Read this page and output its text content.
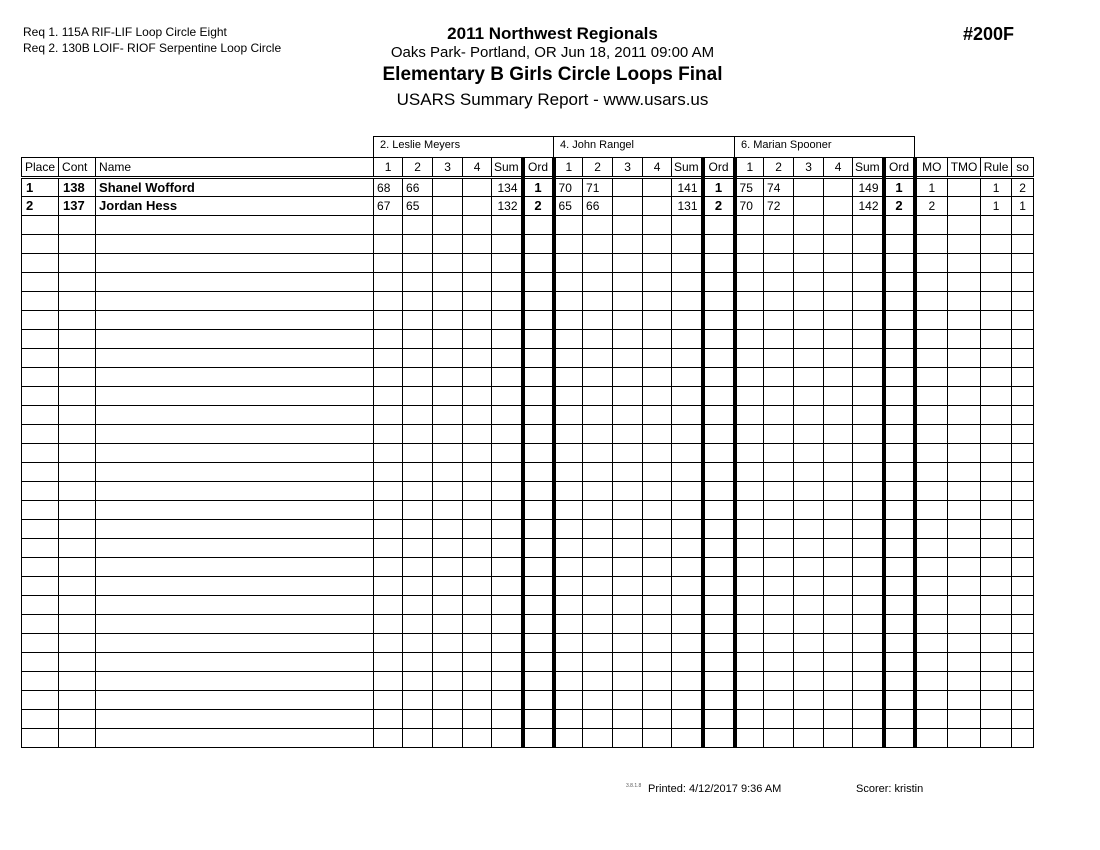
Req 1. 115A RIF-LIF Loop Circle Eight
Req 2. 130B LOIF- RIOF Serpentine Loop Circle
2011 Northwest Regionals
Oaks Park- Portland, OR Jun 18, 2011 09:00 AM
Elementary B Girls Circle Loops Final
USARS Summary Report - www.usars.us
#200F
2. Leslie Meyers	4. John Rangel	6. Marian Spooner
Place	Cont	Name	1	2	3	4	Sum	Ord	1	2	3	4	Sum	Ord	1	2	3	4	Sum	Ord	MO	TMO	Rule	so
1	138	Shanel Wofford	68	66			134	1	70	71			141	1	75	74			149	1	1		1	2
2	137	Jordan Hess	67	65			132	2	65	66			131	2	70	72			142	2	2		1	1

3.8.1.8 Printed: 4/12/2017 9:36 AM	Scorer: kristin
